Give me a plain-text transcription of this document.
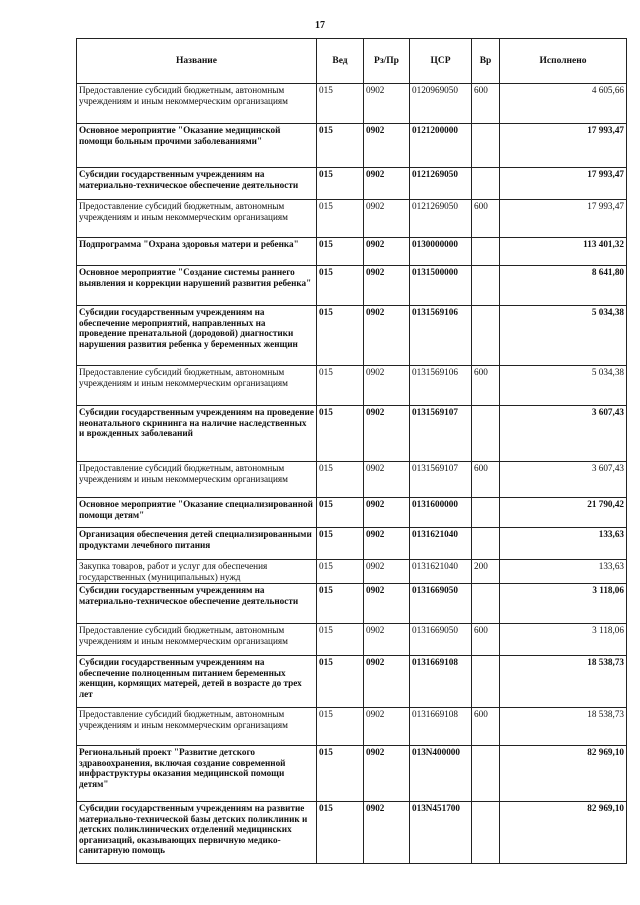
17
Название	Вед	Рз/Пр	ЦСР	Вр	Исполнено
Предоставление субсидий бюджетным, автономным учреждениям и иным некоммерческим организациям	015	0902	0120969050	600	4 605,66
Основное мероприятие "Оказание медицинской помощи больным прочими заболеваниями"	015	0902	0121200000		17 993,47
Субсидии государственным учреждениям на материально-техническое обеспечение деятельности	015	0902	0121269050		17 993,47
Предоставление субсидий бюджетным, автономным учреждениям и иным некоммерческим организациям	015	0902	0121269050	600	17 993,47
Подпрограмма "Охрана здоровья матери и ребенка"	015	0902	0130000000		113 401,32
Основное мероприятие "Создание системы раннего выявления и коррекции нарушений развития ребенка"	015	0902	0131500000		8 641,80
Субсидии государственным учреждениям на обеспечение мероприятий, направленных на проведение пренатальной (дородовой) диагностики нарушения развития ребенка у беременных женщин	015	0902	0131569106		5 034,38
Предоставление субсидий бюджетным, автономным учреждениям и иным некоммерческим организациям	015	0902	0131569106	600	5 034,38
Субсидии государственным учреждениям на проведение неонатального скрининга на наличие наследственных и врожденных заболеваний	015	0902	0131569107		3 607,43
Предоставление субсидий бюджетным, автономным учреждениям и иным некоммерческим организациям	015	0902	0131569107	600	3 607,43
Основное мероприятие "Оказание специализированной помощи детям"	015	0902	0131600000		21 790,42
Организация обеспечения детей специализированными продуктами лечебного питания	015	0902	0131621040		133,63
Закупка товаров, работ и услуг для обеспечения государственных (муниципальных) нужд	015	0902	0131621040	200	133,63
Субсидии государственным учреждениям на материально-техническое обеспечение деятельности	015	0902	0131669050		3 118,06
Предоставление субсидий бюджетным, автономным учреждениям и иным некоммерческим организациям	015	0902	0131669050	600	3 118,06
Субсидии государственным учреждениям на обеспечение полноценным питанием беременных женщин, кормящих матерей, детей в возрасте до трех лет	015	0902	0131669108		18 538,73
Предоставление субсидий бюджетным, автономным учреждениям и иным некоммерческим организациям	015	0902	0131669108	600	18 538,73
Региональный проект "Развитие детского здравоохранения, включая создание современной инфраструктуры оказания медицинской помощи детям"	015	0902	013N400000		82 969,10
Субсидии государственным учреждениям на развитие материально-технической базы детских поликлиник и детских поликлинических отделений медицинских организаций, оказывающих первичную медико-санитарную помощь	015	0902	013N451700		82 969,10
